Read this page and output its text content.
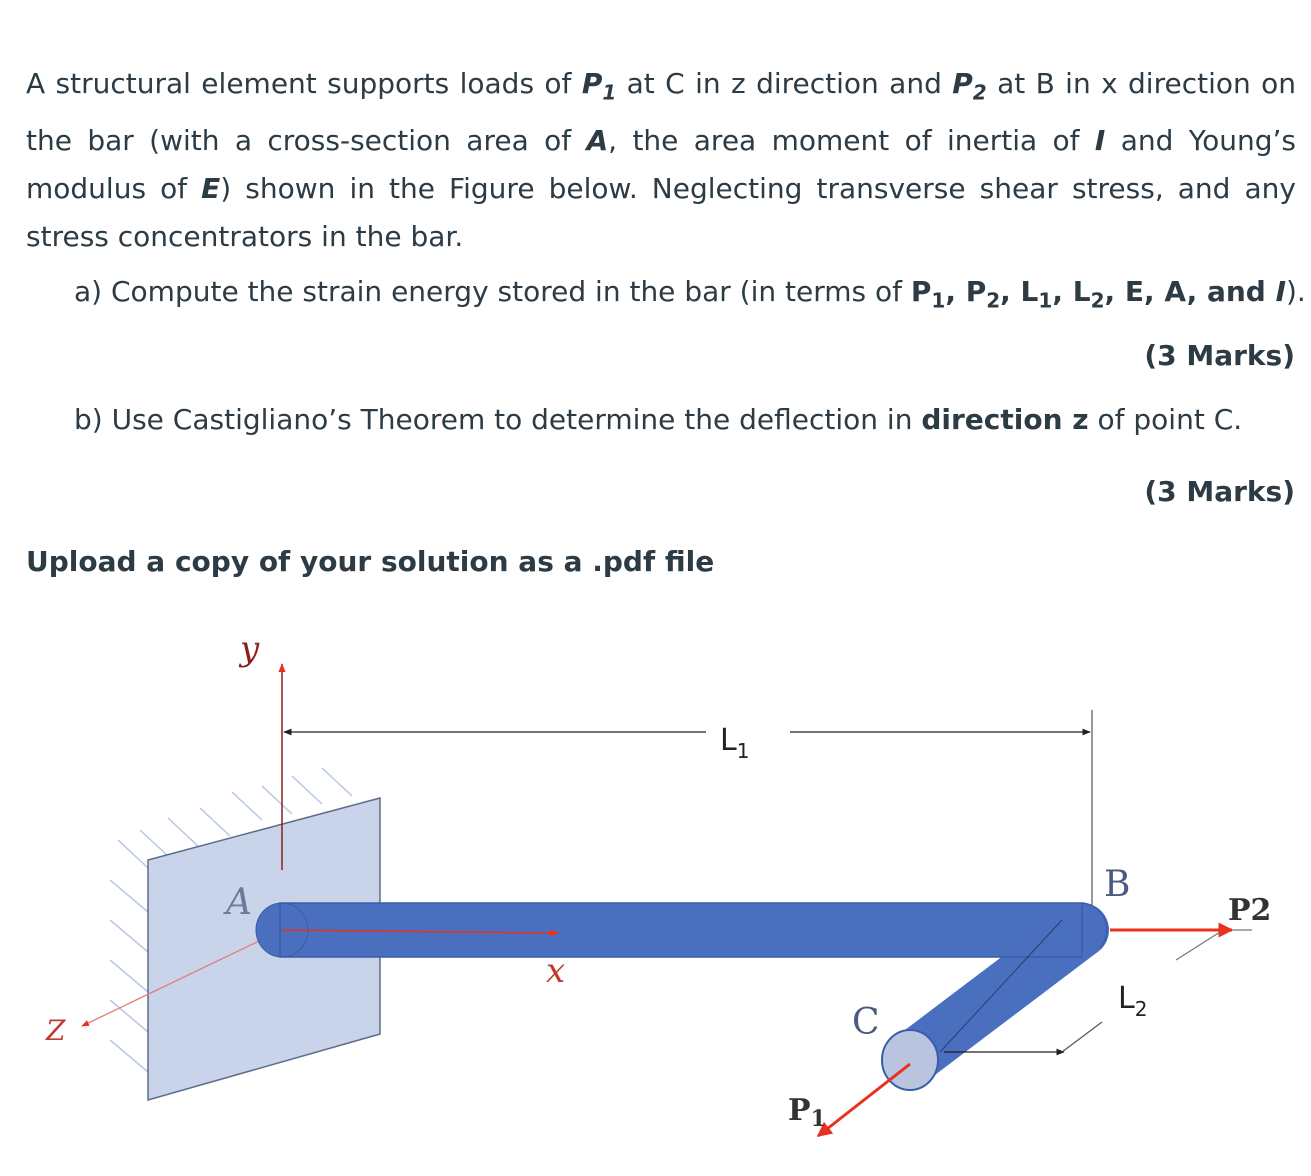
A structural element supports loads of $P_1$ at C in z direction and $P_2$ at B in x direction on the bar (with a cross-section area of A, the area moment of inertia of I and Young’s modulus of E) shown in the Figure below. Neglecting transverse shear stress, and any stress concentrators in the bar.

a) Compute the strain energy stored in the bar (in terms of $P_1$, $P_2$, $L_1$, $L_2$, E, A, and I).

(3 Marks)

b) Use Castigliano’s Theorem to determine the deflection in direction z of point C.

(3 Marks)

Upload a copy of your solution as a .pdf file

y
A
x
Z
B
C
$L_1$
$L_2$
$P_1$
P2
